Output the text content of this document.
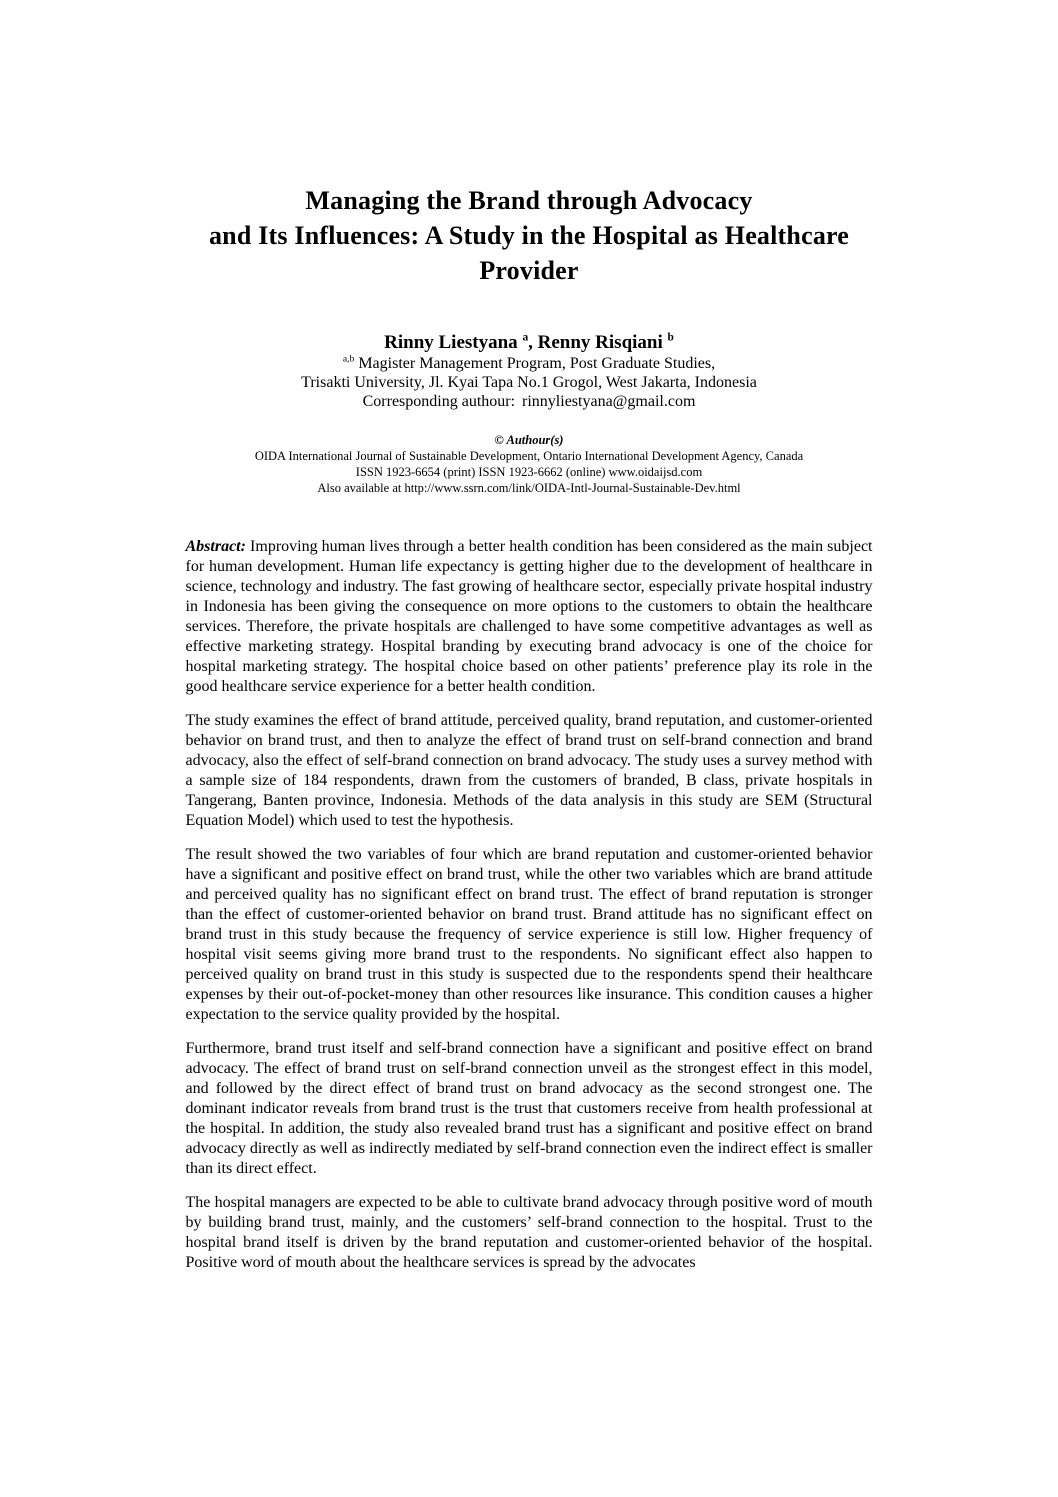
Managing the Brand through Advocacy
and Its Influences: A Study in the Hospital as Healthcare
Provider
Rinny Liestyana $^a$, Renny Risqiani $^b$
$^{a,b}$ Magister Management Program, Post Graduate Studies,
Trisakti University, Jl. Kyai Tapa No.1 Grogol, West Jakarta, Indonesia
Corresponding authour: rinnyliestyana@gmail.com
© Authour(s)
OIDA International Journal of Sustainable Development, Ontario International Development Agency, Canada
ISSN 1923-6654 (print) ISSN 1923-6662 (online) www.oidaijsd.com
Also available at http://www.ssrn.com/link/OIDA-Intl-Journal-Sustainable-Dev.html

Abstract: Improving human lives through a better health condition has been considered as the main subject for human development. Human life expectancy is getting higher due to the development of healthcare in science, technology and industry. The fast growing of healthcare sector, especially private hospital industry in Indonesia has been giving the consequence on more options to the customers to obtain the healthcare services. Therefore, the private hospitals are challenged to have some competitive advantages as well as effective marketing strategy. Hospital branding by executing brand advocacy is one of the choice for hospital marketing strategy. The hospital choice based on other patients’ preference play its role in the good healthcare service experience for a better health condition.

The study examines the effect of brand attitude, perceived quality, brand reputation, and customer-oriented behavior on brand trust, and then to analyze the effect of brand trust on self-brand connection and brand advocacy, also the effect of self-brand connection on brand advocacy. The study uses a survey method with a sample size of 184 respondents, drawn from the customers of branded, B class, private hospitals in Tangerang, Banten province, Indonesia. Methods of the data analysis in this study are SEM (Structural Equation Model) which used to test the hypothesis.

The result showed the two variables of four which are brand reputation and customer-oriented behavior have a significant and positive effect on brand trust, while the other two variables which are brand attitude and perceived quality has no significant effect on brand trust. The effect of brand reputation is stronger than the effect of customer-oriented behavior on brand trust. Brand attitude has no significant effect on brand trust in this study because the frequency of service experience is still low. Higher frequency of hospital visit seems giving more brand trust to the respondents. No significant effect also happen to perceived quality on brand trust in this study is suspected due to the respondents spend their healthcare expenses by their out-of-pocket-money than other resources like insurance. This condition causes a higher expectation to the service quality provided by the hospital.

Furthermore, brand trust itself and self-brand connection have a significant and positive effect on brand advocacy. The effect of brand trust on self-brand connection unveil as the strongest effect in this model, and followed by the direct effect of brand trust on brand advocacy as the second strongest one. The dominant indicator reveals from brand trust is the trust that customers receive from health professional at the hospital. In addition, the study also revealed brand trust has a significant and positive effect on brand advocacy directly as well as indirectly mediated by self-brand connection even the indirect effect is smaller than its direct effect.

The hospital managers are expected to be able to cultivate brand advocacy through positive word of mouth by building brand trust, mainly, and the customers’ self-brand connection to the hospital. Trust to the hospital brand itself is driven by the brand reputation and customer-oriented behavior of the hospital. Positive word of mouth about the healthcare services is spread by the advocates
